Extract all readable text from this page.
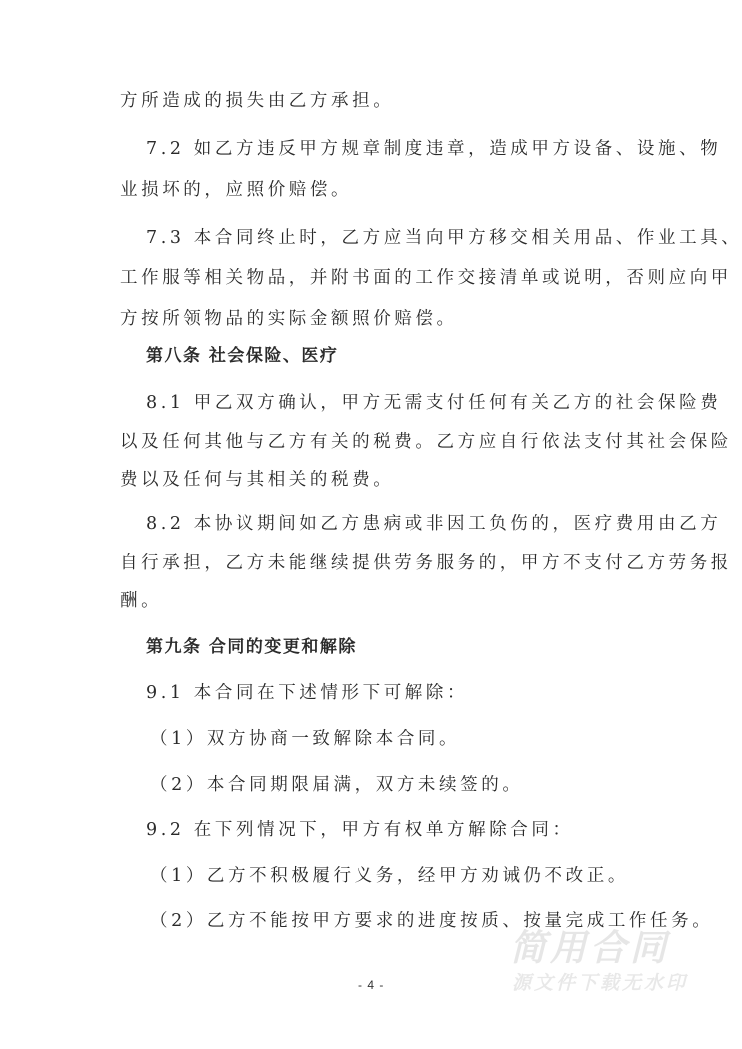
方所造成的损失由乙方承担。
7.2 如乙方违反甲方规章制度违章，造成甲方设备、设施、物
业损坏的，应照价赔偿。
7.3 本合同终止时，乙方应当向甲方移交相关用品、作业工具、
工作服等相关物品，并附书面的工作交接清单或说明，否则应向甲
方按所领物品的实际金额照价赔偿。
第八条 社会保险、医疗
8.1 甲乙双方确认，甲方无需支付任何有关乙方的社会保险费
以及任何其他与乙方有关的税费。乙方应自行依法支付其社会保险
费以及任何与其相关的税费。
8.2 本协议期间如乙方患病或非因工负伤的，医疗费用由乙方
自行承担，乙方未能继续提供劳务服务的，甲方不支付乙方劳务报
酬。
第九条 合同的变更和解除
9.1 本合同在下述情形下可解除：
（1）双方协商一致解除本合同。
（2）本合同期限届满，双方未续签的。
9.2 在下列情况下，甲方有权单方解除合同：
（1）乙方不积极履行义务，经甲方劝诫仍不改正。
（2）乙方不能按甲方要求的进度按质、按量完成工作任务。
- 4 -
简用合同
源文件下载无水印
